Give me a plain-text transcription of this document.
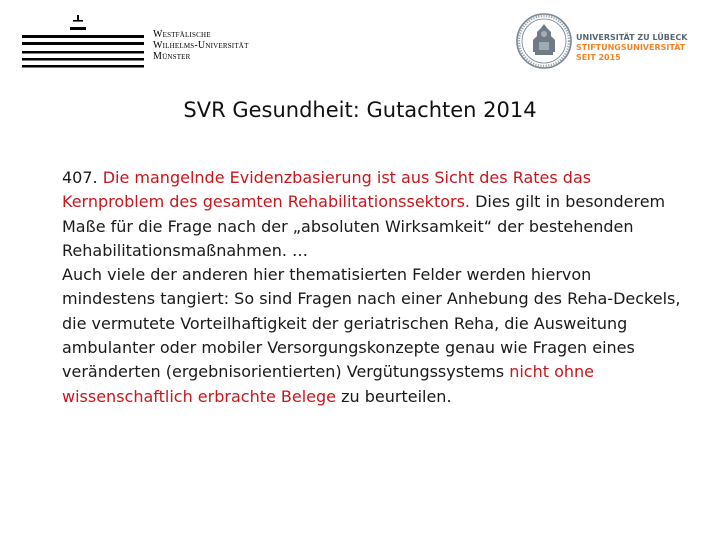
Westfälische
Wilhelms-Universität
Münster
UNIVERSITÄT ZU LÜBECK
STIFTUNGSUNIVERSITÄT
SEIT 2015
SVR Gesundheit: Gutachten 2014

407. Die mangelnde Evidenzbasierung ist aus Sicht des Rates das Kernproblem des gesamten Rehabilitationssektors. Dies gilt in besonderem Maße für die Frage nach der „absoluten Wirksamkeit“ der bestehenden Rehabilitationsmaßnahmen. …

Auch viele der anderen hier thematisierten Felder werden hiervon mindestens tangiert: So sind Fragen nach einer Anhebung des Reha-Deckels, die vermutete Vorteilhaftigkeit der geriatrischen Reha, die Ausweitung ambulanter oder mobiler Versorgungskonzepte genau wie Fragen eines veränderten (ergebnisorientierten) Vergütungssystems nicht ohne wissenschaftlich erbrachte Belege zu beurteilen.
